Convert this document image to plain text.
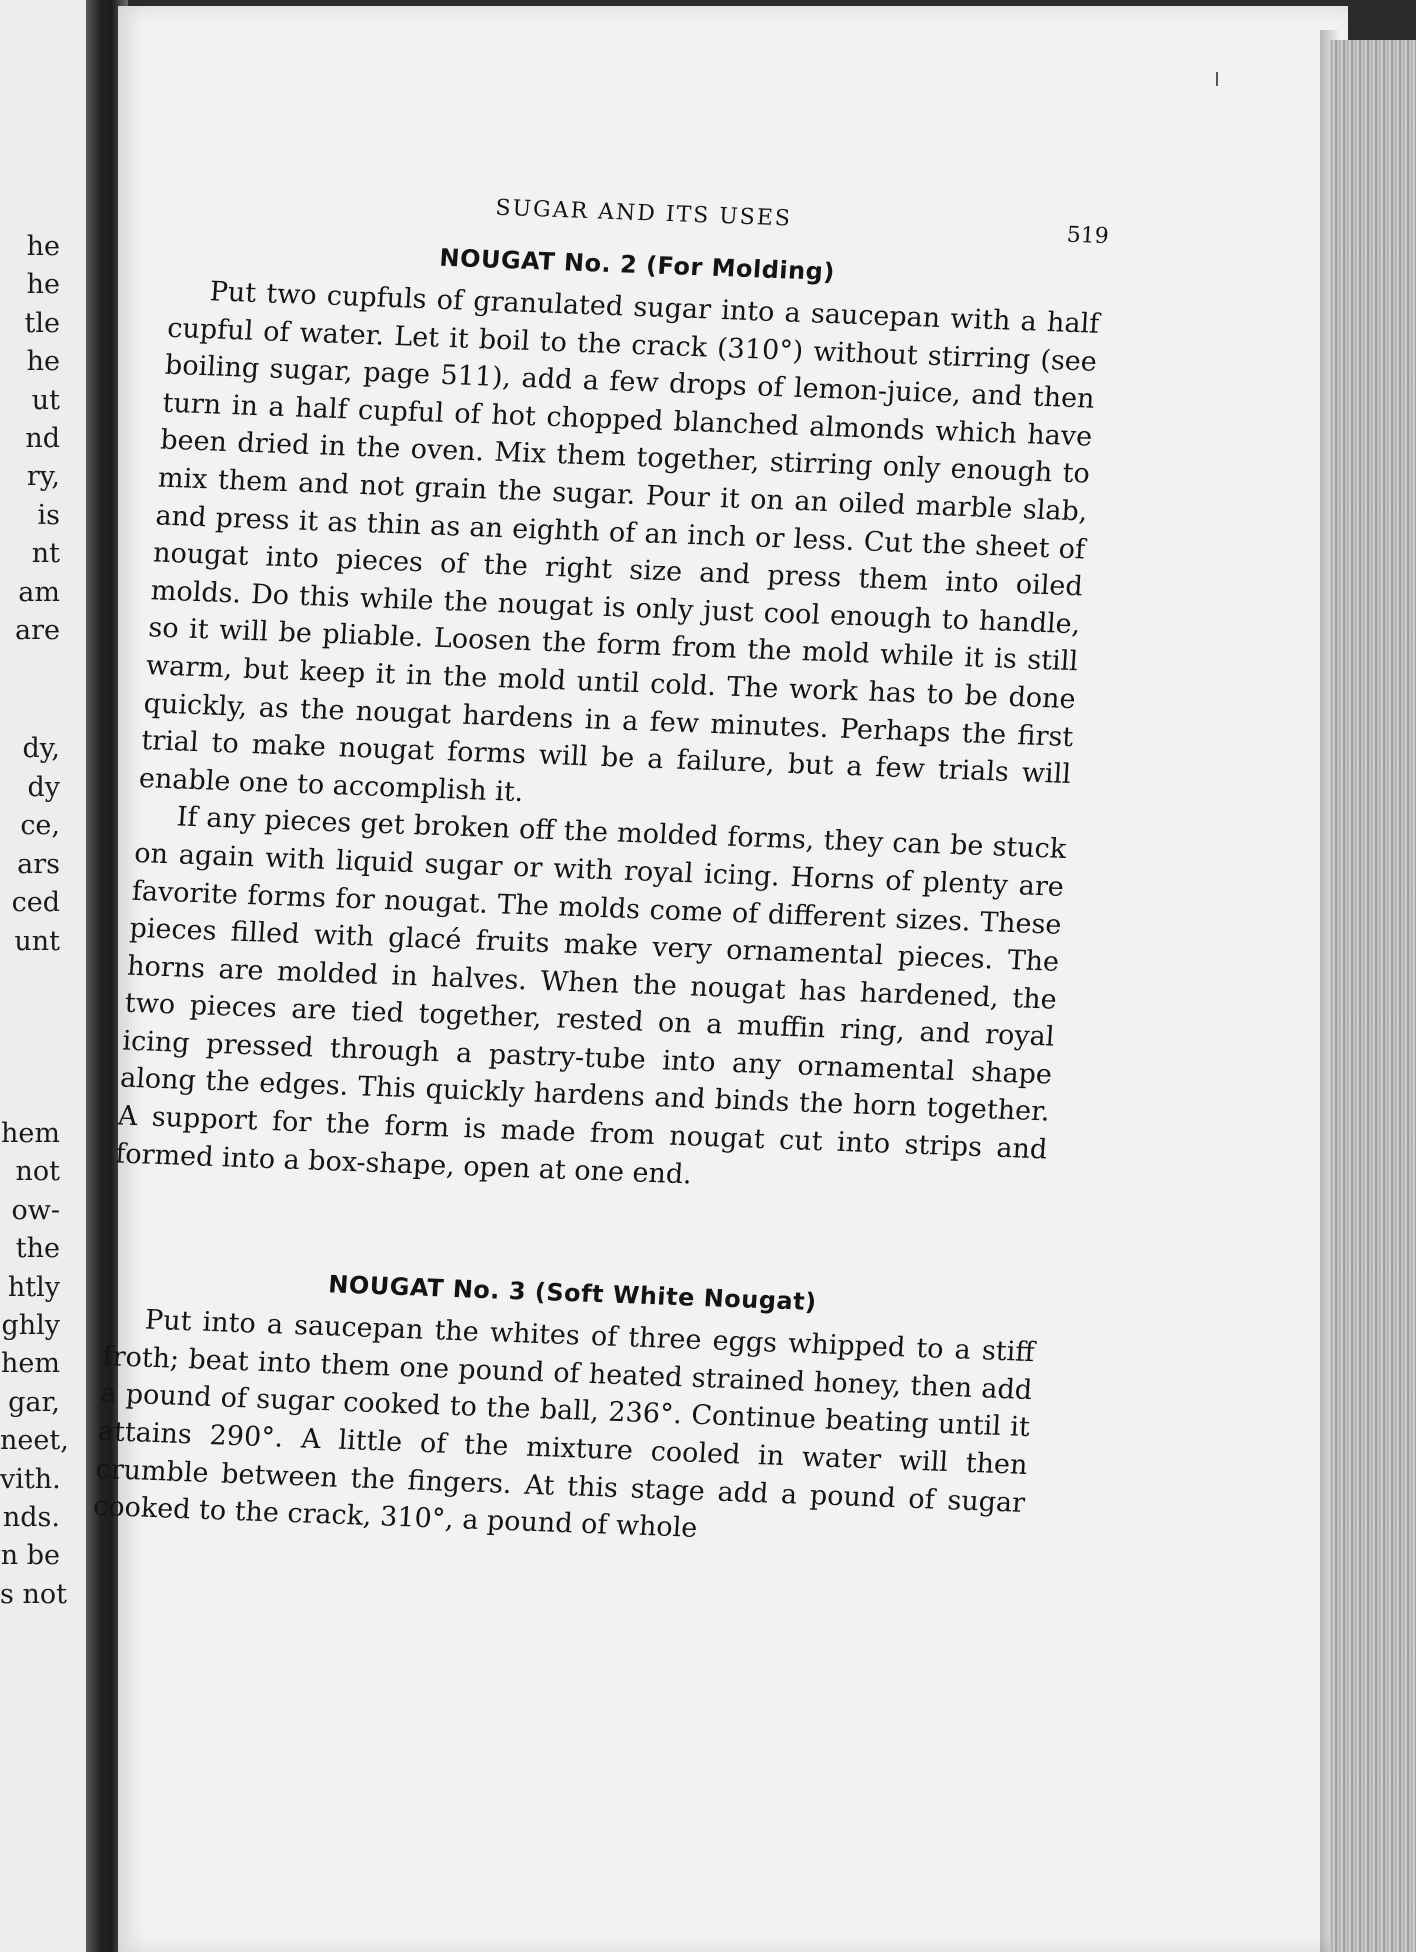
he
he
tle
he
ut
nd
ry,
is
nt
am
are
dy,
dy
ce,
ars
ced
unt
hem
not
ow-
the
htly
ghly
hem
gar,
neet,
vith.
nds.
n be
s not
SUGAR AND ITS USES
519
NOUGAT No. 2 (For Molding)

Put two cupfuls of granulated sugar into a saucepan with a half cupful of water. Let it boil to the crack (310°) without stirring (see boiling sugar, page 511), add a few drops of lemon-juice, and then turn in a half cupful of hot chopped blanched almonds which have been dried in the oven. Mix them together, stirring only enough to mix them and not grain the sugar. Pour it on an oiled marble slab, and press it as thin as an eighth of an inch or less. Cut the sheet of nougat into pieces of the right size and press them into oiled molds. Do this while the nougat is only just cool enough to handle, so it will be pliable. Loosen the form from the mold while it is still warm, but keep it in the mold until cold. The work has to be done quickly, as the nougat hardens in a few minutes. Perhaps the first trial to make nougat forms will be a failure, but a few trials will enable one to accomplish it.

If any pieces get broken off the molded forms, they can be stuck on again with liquid sugar or with royal icing. Horns of plenty are favorite forms for nougat. The molds come of different sizes. These pieces filled with glacé fruits make very ornamental pieces. The horns are molded in halves. When the nougat has hardened, the two pieces are tied together, rested on a muffin ring, and royal icing pressed through a pastry-tube into any ornamental shape along the edges. This quickly hardens and binds the horn together. A support for the form is made from nougat cut into strips and formed into a box-shape, open at one end.

NOUGAT No. 3 (Soft White Nougat)

Put into a saucepan the whites of three eggs whipped to a stiff froth; beat into them one pound of heated strained honey, then add a pound of sugar cooked to the ball, 236°. Continue beating until it attains 290°. A little of the mixture cooled in water will then crumble between the fingers. At this stage add a pound of sugar cooked to the crack, 310°, a pound of whole
